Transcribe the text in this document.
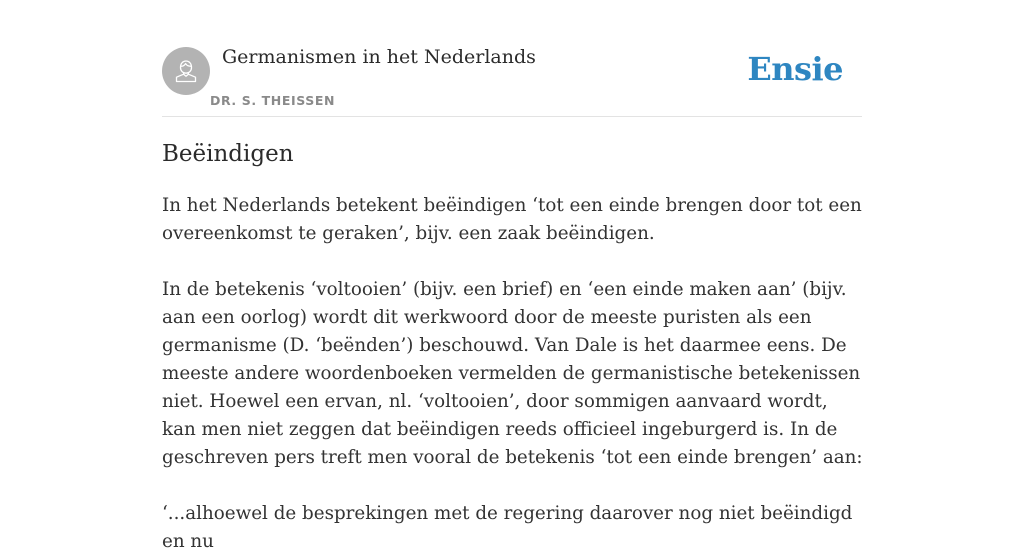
Germanismen in het Nederlands
DR. S. THEISSEN
Ensie
Beëindigen

In het Nederlands betekent beëindigen ‘tot een einde brengen door tot een overeenkomst te geraken’, bijv. een zaak beëindigen.

In de betekenis ‘voltooien’ (bijv. een brief) en ‘een einde maken aan’ (bijv. aan een oorlog) wordt dit werkwoord door de meeste puristen als een germanisme (D. ‘beënden’) beschouwd. Van Dale is het daarmee eens. De meeste andere woordenboeken vermelden de germanistische betekenissen niet. Hoewel een ervan, nl. ‘voltooien’, door sommigen aanvaard wordt, kan men niet zeggen dat beëindigen reeds officieel ingeburgerd is. In de geschreven pers treft men vooral de betekenis ‘tot een einde brengen’ aan:

‘...alhoewel de besprekingen met de regering daarover nog niet beëindigd en nu
